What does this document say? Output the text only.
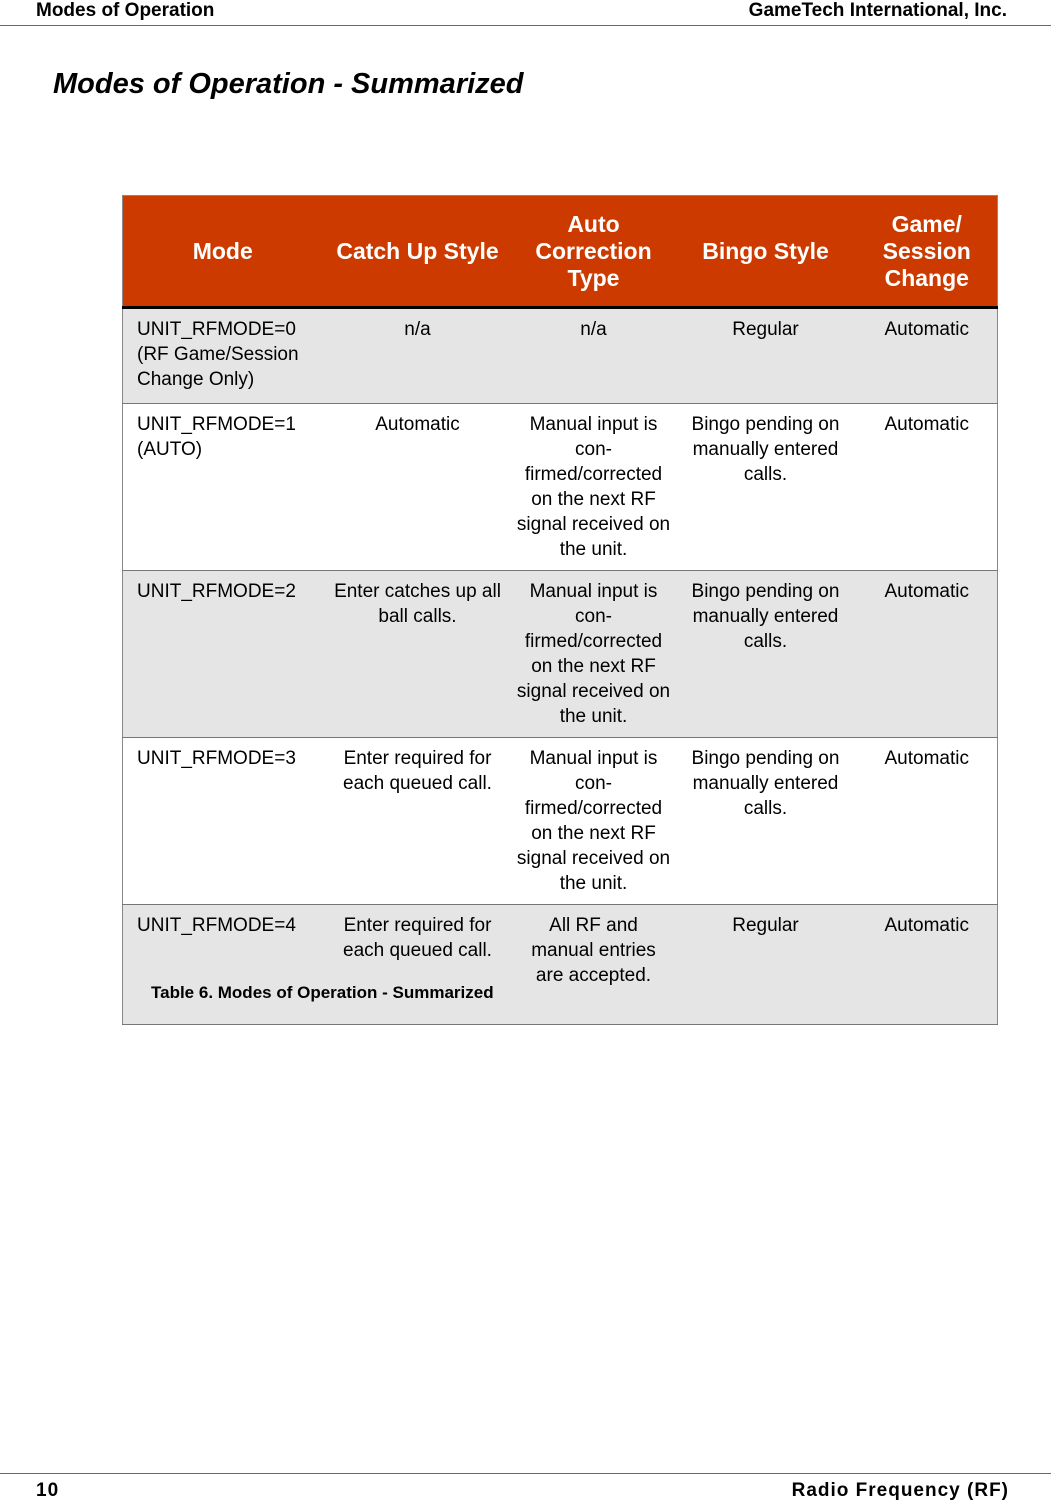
Modes of Operation	GameTech International, Inc.
Modes of Operation - Summarized
Mode	Catch Up Style	Auto Correction Type	Bingo Style	Game/ Session Change
UNIT_RFMODE=0 (RF Game/Session Change Only)	n/a	n/a	Regular	Automatic
UNIT_RFMODE=1 (AUTO)	Automatic	Manual input is con-firmed/corrected on the next RF signal received on the unit.	Bingo pending on manually entered calls.	Automatic
UNIT_RFMODE=2	Enter catches up all ball calls.	Manual input is con-firmed/corrected on the next RF signal received on the unit.	Bingo pending on manually entered calls.	Automatic
UNIT_RFMODE=3	Enter required for each queued call.	Manual input is con-firmed/corrected on the next RF signal received on the unit.	Bingo pending on manually entered calls.	Automatic
UNIT_RFMODE=4	Enter required for each queued call.	All RF and manual entries are accepted.	Regular	Automatic
Table 6. Modes of Operation - Summarized
10	Radio Frequency (RF)
